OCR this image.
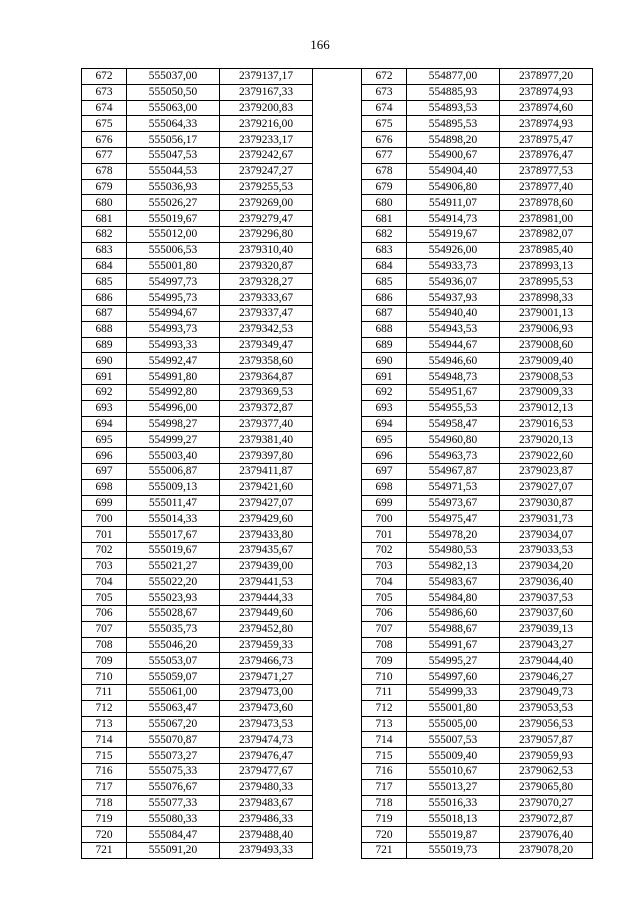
166
672	555037,00	2379137,17
673	555050,50	2379167,33
674	555063,00	2379200,83
675	555064,33	2379216,00
676	555056,17	2379233,17
677	555047,53	2379242,67
678	555044,53	2379247,27
679	555036,93	2379255,53
680	555026,27	2379269,00
681	555019,67	2379279,47
682	555012,00	2379296,80
683	555006,53	2379310,40
684	555001,80	2379320,87
685	554997,73	2379328,27
686	554995,73	2379333,67
687	554994,67	2379337,47
688	554993,73	2379342,53
689	554993,33	2379349,47
690	554992,47	2379358,60
691	554991,80	2379364,87
692	554992,80	2379369,53
693	554996,00	2379372,87
694	554998,27	2379377,40
695	554999,27	2379381,40
696	555003,40	2379397,80
697	555006,87	2379411,87
698	555009,13	2379421,60
699	555011,47	2379427,07
700	555014,33	2379429,60
701	555017,67	2379433,80
702	555019,67	2379435,67
703	555021,27	2379439,00
704	555022,20	2379441,53
705	555023,93	2379444,33
706	555028,67	2379449,60
707	555035,73	2379452,80
708	555046,20	2379459,33
709	555053,07	2379466,73
710	555059,07	2379471,27
711	555061,00	2379473,00
712	555063,47	2379473,60
713	555067,20	2379473,53
714	555070,87	2379474,73
715	555073,27	2379476,47
716	555075,33	2379477,67
717	555076,67	2379480,33
718	555077,33	2379483,67
719	555080,33	2379486,33
720	555084,47	2379488,40
721	555091,20	2379493,33
672	554877,00	2378977,20
673	554885,93	2378974,93
674	554893,53	2378974,60
675	554895,53	2378974,93
676	554898,20	2378975,47
677	554900,67	2378976,47
678	554904,40	2378977,53
679	554906,80	2378977,40
680	554911,07	2378978,60
681	554914,73	2378981,00
682	554919,67	2378982,07
683	554926,00	2378985,40
684	554933,73	2378993,13
685	554936,07	2378995,53
686	554937,93	2378998,33
687	554940,40	2379001,13
688	554943,53	2379006,93
689	554944,67	2379008,60
690	554946,60	2379009,40
691	554948,73	2379008,53
692	554951,67	2379009,33
693	554955,53	2379012,13
694	554958,47	2379016,53
695	554960,80	2379020,13
696	554963,73	2379022,60
697	554967,87	2379023,87
698	554971,53	2379027,07
699	554973,67	2379030,87
700	554975,47	2379031,73
701	554978,20	2379034,07
702	554980,53	2379033,53
703	554982,13	2379034,20
704	554983,67	2379036,40
705	554984,80	2379037,53
706	554986,60	2379037,60
707	554988,67	2379039,13
708	554991,67	2379043,27
709	554995,27	2379044,40
710	554997,60	2379046,27
711	554999,33	2379049,73
712	555001,80	2379053,53
713	555005,00	2379056,53
714	555007,53	2379057,87
715	555009,40	2379059,93
716	555010,67	2379062,53
717	555013,27	2379065,80
718	555016,33	2379070,27
719	555018,13	2379072,87
720	555019,87	2379076,40
721	555019,73	2379078,20
